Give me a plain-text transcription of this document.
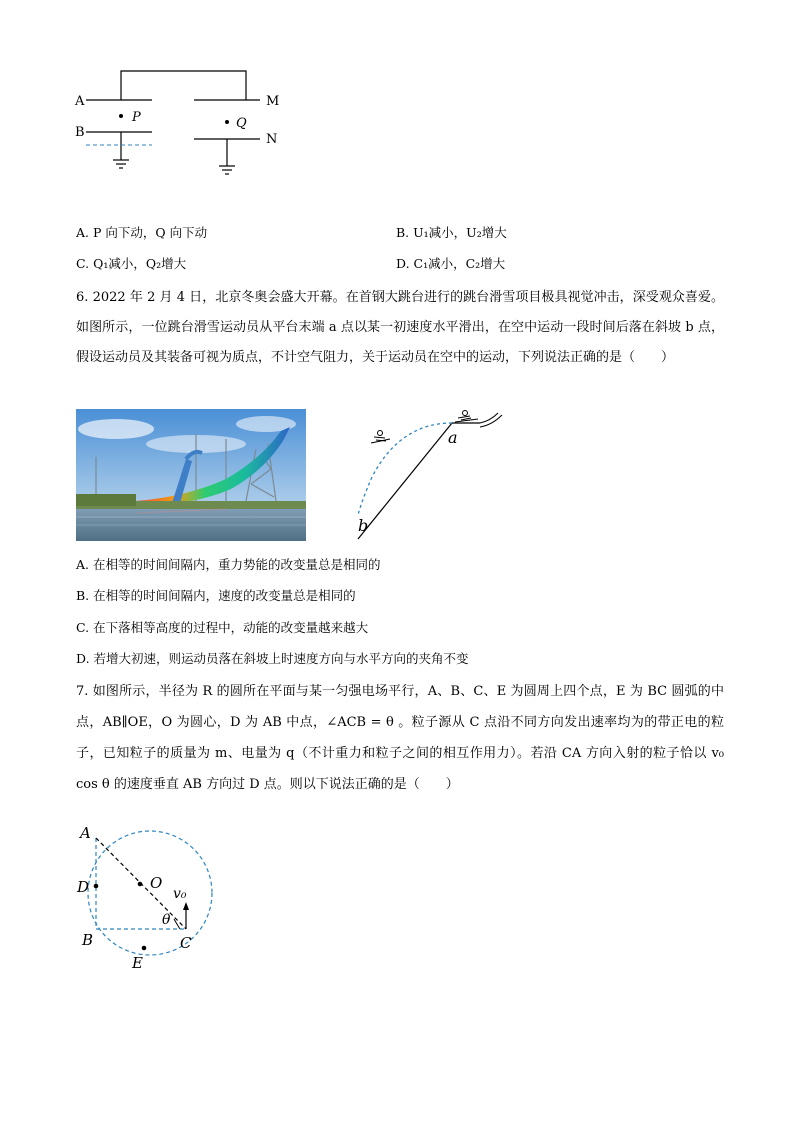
A
B
M
N
P	Q
A. P 向下动，Q 向下动	B. U₁减小，U₂增大
C. Q₁减小，Q₂增大	D. C₁减小，C₂增大
6. 2022 年 2 月 4 日，北京冬奥会盛大开幕。在首钢大跳台进行的跳台滑雪项目极具视觉冲击，深受观众喜爱。如图所示，一位跳台滑雪运动员从平台末端 a 点以某一初速度水平滑出，在空中运动一段时间后落在斜坡 b 点，假设运动员及其装备可视为质点，不计空气阻力，关于运动员在空中的运动，下列说法正确的是（　　）
a
b
A. 在相等的时间间隔内，重力势能的改变量总是相同的
B. 在相等的时间间隔内，速度的改变量总是相同的
C. 在下落相等高度的过程中，动能的改变量越来越大
D. 若增大初速，则运动员落在斜坡上时速度方向与水平方向的夹角不变
7. 如图所示，半径为 R 的圆所在平面与某一匀强电场平行，A、B、C、E 为圆周上四个点，E 为 BC 圆弧的中点，AB∥OE，O 为圆心，D 为 AB 中点，∠ACB = θ 。粒子源从 C 点沿不同方向发出速率均为的带正电的粒子，已知粒子的质量为 m、电量为 q（不计重力和粒子之间的相互作用力）。若沿 CA 方向入射的粒子恰以 v₀ cos θ 的速度垂直 AB 方向过 D 点。则以下说法正确的是（　　）
A
D	O
B
E
C
θ
v₀
